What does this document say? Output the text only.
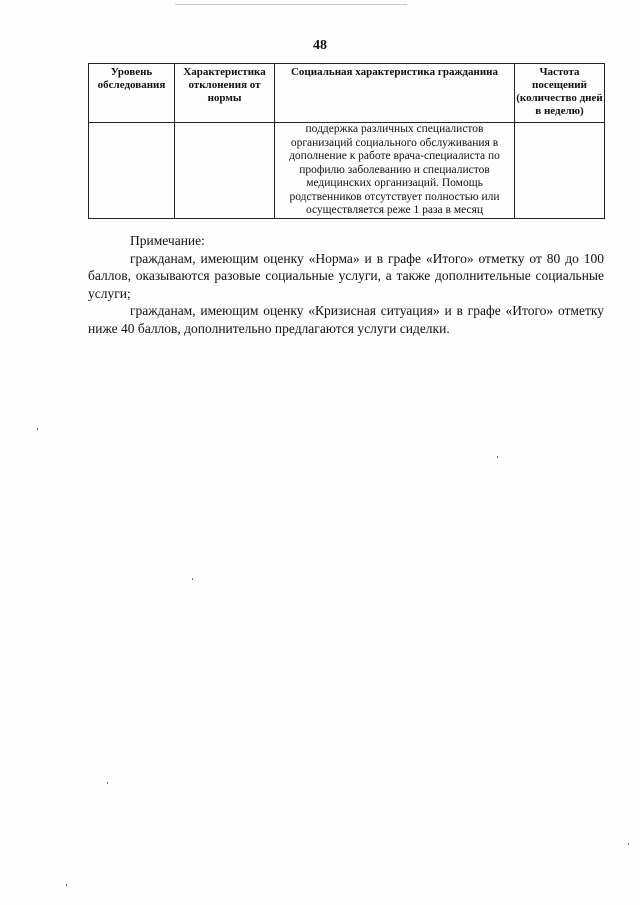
48
Уровень обследования	Характеристика отклонения от нормы	Социальная характеристика гражданина	Частота посещений (количество дней в неделю)

		поддержка различных специалистов организаций социального обслуживания в дополнение к работе врача-специалиста по профилю заболеванию и специалистов медицинских организаций. Помощь родственников отсутствует полностью или осуществляется реже 1 раза в месяц	

Примечание:

гражданам, имеющим оценку «Норма» и в графе «Итого» отметку от 80 до 100 баллов, оказываются разовые социальные услуги, а также дополнительные социальные услуги;

гражданам, имеющим оценку «Кризисная ситуация» и в графе «Итого» отметку ниже 40 баллов, дополнительно предлагаются услуги сиделки.
